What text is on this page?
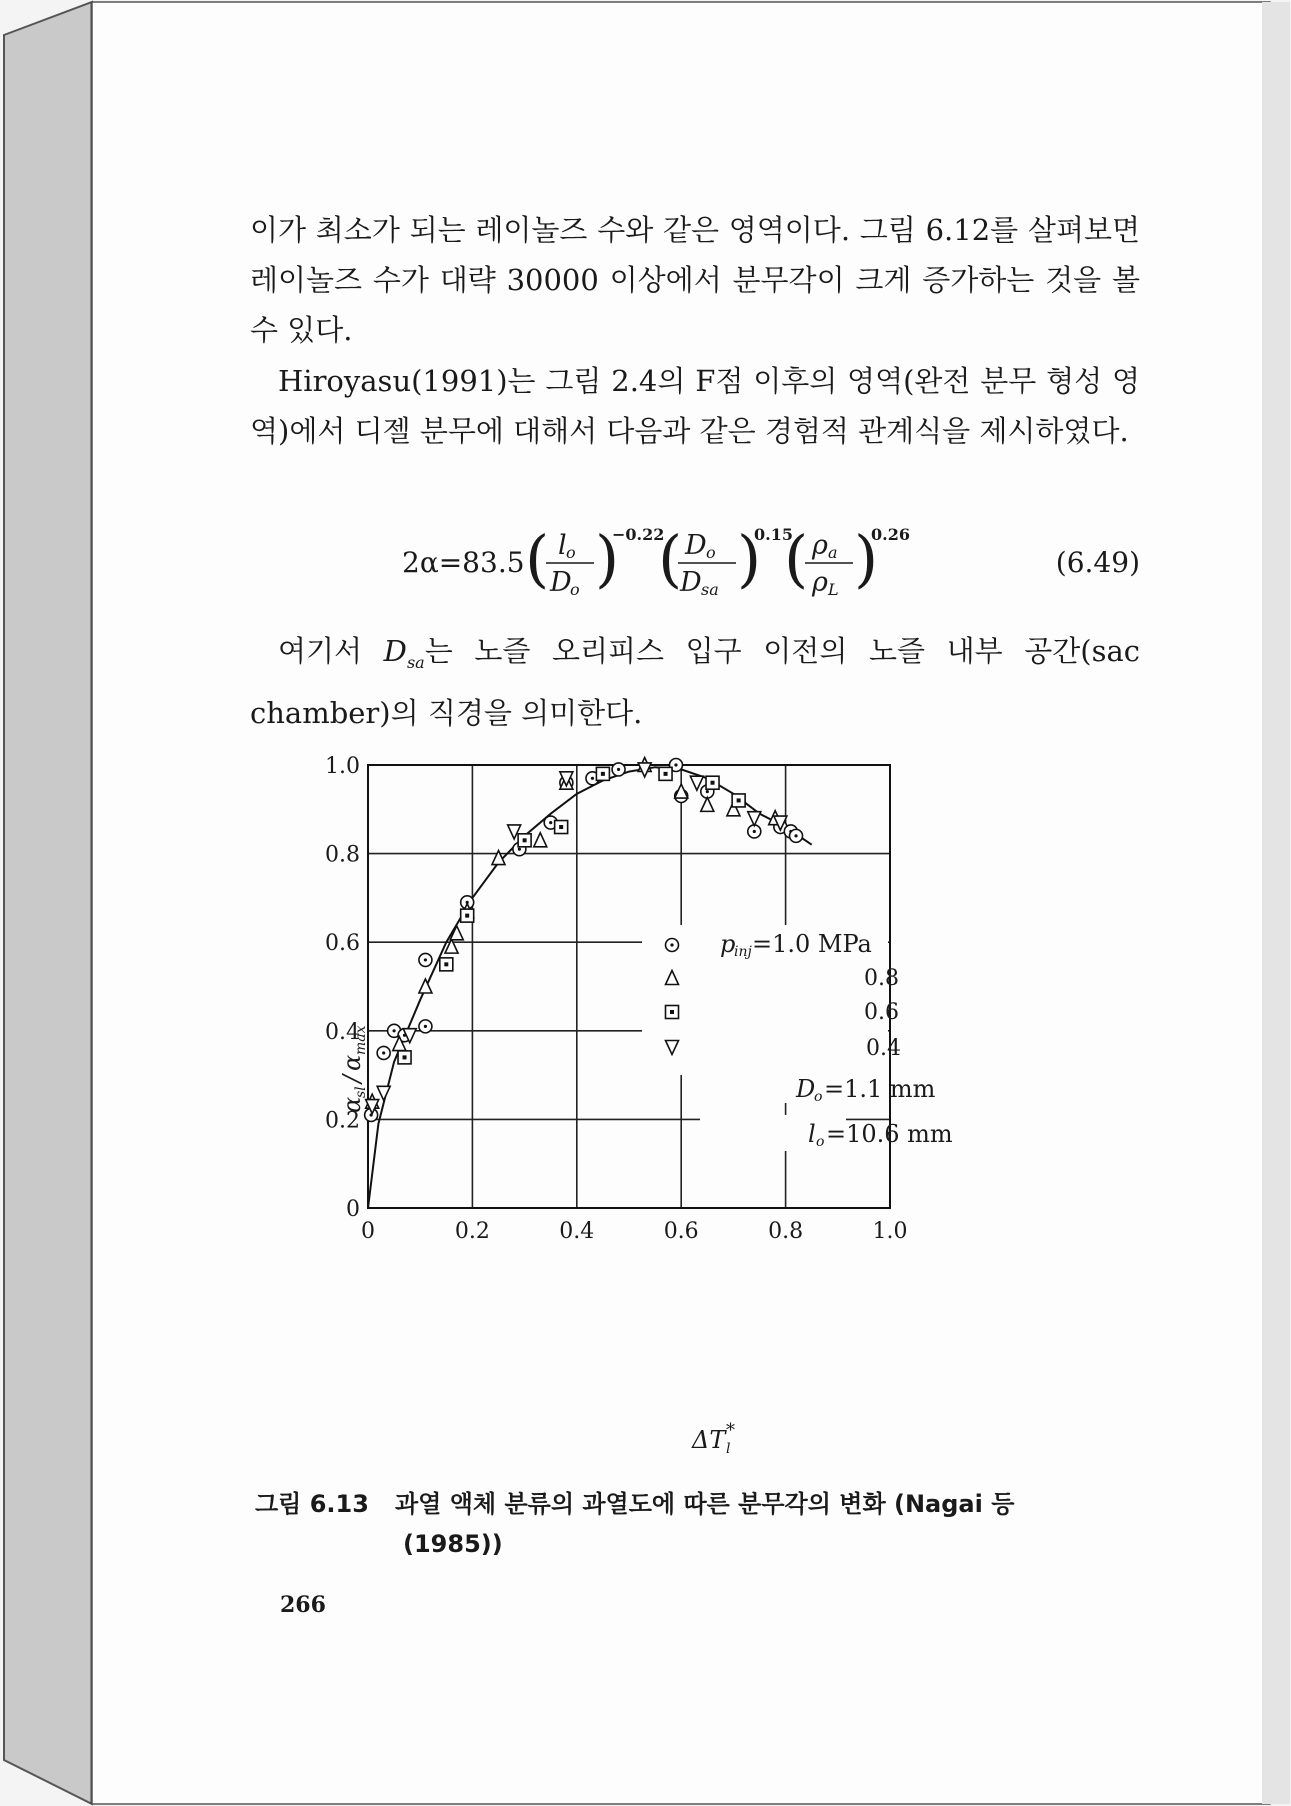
이가 최소가 되는 레이놀즈 수와 같은 영역이다. 그림 6.12를 살펴보면 레이놀즈 수가 대략 30000 이상에서 분무각이 크게 증가하는 것을 볼 수 있다.

Hiroyasu(1991)는 그림 2.4의 F점 이후의 영역(완전 분무 형성 영역)에서 디젤 분무에 대해서 다음과 같은 경험적 관계식을 제시하였다.

2α=83.5 ( l o
D
o )
−0.22
( D o
D sa )
0.15
( ρ a
ρ L )
0.26
(6.49)

여기서 $D_{sa}$는 노즐 오리피스 입구 이전의 노즐 내부 공간(sac chamber)의 직경을 의미한다.

0
0.2
0.4
0.6
0.8
1.0
0	0.2	0.4	0.6	0.8	1.0
p
inj =1.0 MPa
0.8
0.6
0.4
D
o =1.1 mm
l o =10.6 mm
ΔT l
*
α
sl
/
α
max
그림 6.13 과열 액체 분류의 과열도에 따른 분무각의 변화 (Nagai 등
(1985))
266
